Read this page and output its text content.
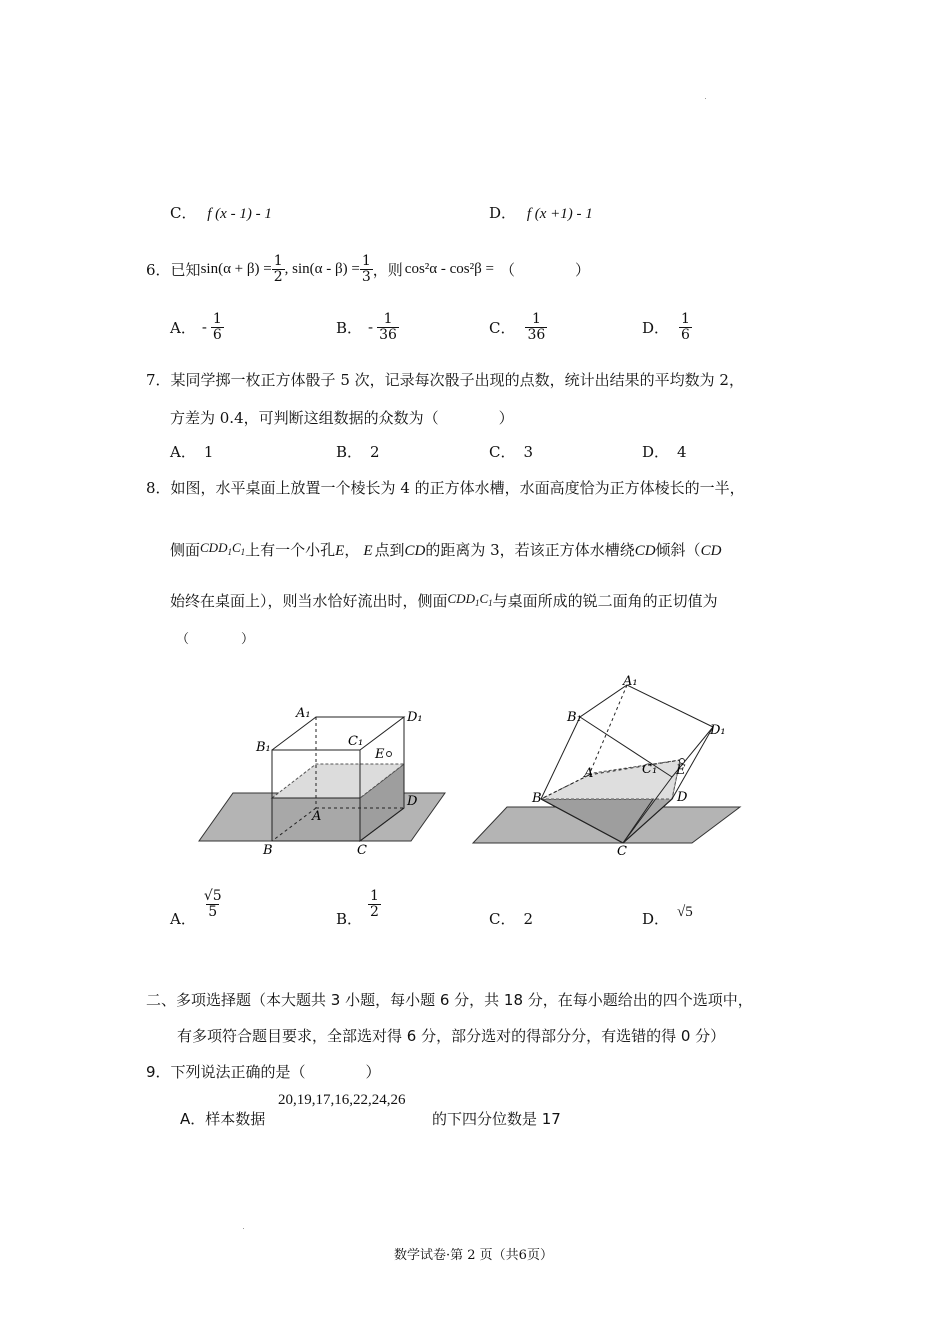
C． f (x - 1) - 1	D． f (x +1) - 1
6． 已知 $\sin(\alpha + \beta) = \frac{1}{2}$ , $\sin(\alpha - \beta) = \frac{1}{3}$ ，则 cos²α - cos²β = （　　　　）
A． - $\frac{1}{6}$	B． - $\frac{1}{36}$	C． $\frac{1}{36}$	D． $\frac{1}{6}$
7．某同学掷一枚正方体骰子 5 次，记录每次骰子出现的点数，统计出结果的平均数为 2，
方差为 0.4，可判断这组数据的众数为（　　　　）
A． 1	B． 2	C． 3	D． 4
8．如图，水平桌面上放置一个棱长为 4 的正方体水槽，水面高度恰为正方体棱长的一半，
侧面$CDD_1C_1$上有一个小孔E， E 点到CD的距离为 3，若该正方体水槽绕CD倾斜（CD
始终在桌面上），则当水恰好流出时，侧面$CDD_1C_1$与桌面所成的锐二面角的正切值为
（　　　　）
A₁	D₁
B₁	C₁
E
D
A
B	C
A₁
B₁
D₁
C₁ E
A
B	D
C
A． $\frac{√5}{5}$	B． $\frac{1}{2}$	C． 2	D． √5
二、多项选择题（本大题共 3 小题，每小题 6 分，共 18 分，在每小题给出的四个选项中，
有多项符合题目要求，全部选对得 6 分，部分选对的得部分分，有选错的得 0 分）
9．下列说法正确的是（　　　　）
20,19,17,16,22,24,26
A．样本数据	的下四分位数是 17
数学试卷·第 2 页（共6页）
